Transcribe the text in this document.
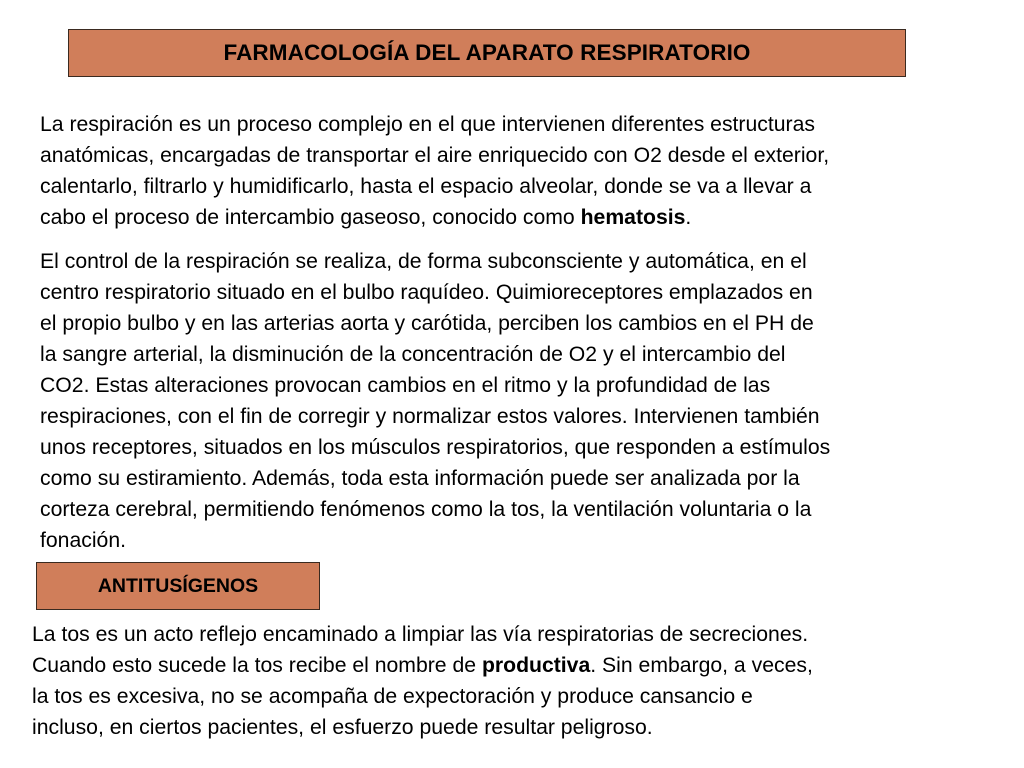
FARMACOLOGÍA DEL APARATO RESPIRATORIO

La respiración es un proceso complejo en el que intervienen diferentes estructuras
anatómicas, encargadas de transportar el aire enriquecido con O2 desde el exterior,
calentarlo, filtrarlo y humidificarlo, hasta el espacio alveolar, donde se va a llevar a
cabo el proceso de intercambio gaseoso, conocido como hematosis.

El control de la respiración se realiza, de forma subconsciente y automática, en el
centro respiratorio situado en el bulbo raquídeo. Quimioreceptores emplazados en
el propio bulbo y en las arterias aorta y carótida, perciben los cambios en el PH de
la sangre arterial, la disminución de la concentración de O2 y el intercambio del
CO2. Estas alteraciones provocan cambios en el ritmo y la profundidad de las
respiraciones, con el fin de corregir y normalizar estos valores. Intervienen también
unos receptores, situados en los músculos respiratorios, que responden a estímulos
como su estiramiento. Además, toda esta información puede ser analizada por la
corteza cerebral, permitiendo fenómenos como la tos, la ventilación voluntaria o la
fonación.

ANTITUSÍGENOS

La tos es un acto reflejo encaminado a limpiar las vía respiratorias de secreciones.
Cuando esto sucede la tos recibe el nombre de productiva. Sin embargo, a veces,
la tos es excesiva, no se acompaña de expectoración y produce cansancio e
incluso, en ciertos pacientes, el esfuerzo puede resultar peligroso.
